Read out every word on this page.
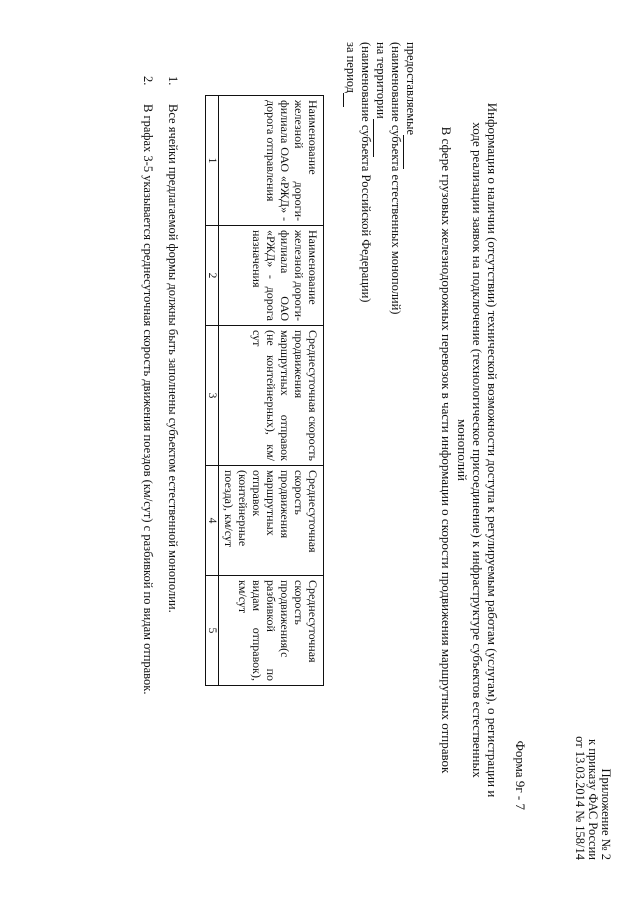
Приложение № 2
к приказу ФАС России
от 13.03.2014 № 158/14
Форма 9г - 7
Информация о наличии (отсутствии) технической возможности доступа к регулируемым работам (услугам), о регистрации и ходе реализации заявок на подключение (технологическое присоединение) к инфраструктуре субъектов естественных монополий
В сфере грузовых железнодорожных перевозок в части информации о скорости продвижения маршрутных отправок
предоставляемые
(наименование субъекта естественных монополий)
на территории
(наименование субъекта Российской Федерации)
за период
Наименование железной дороги-филиала ОАО «РЖД» - дорога отправления	Наименование железной дороги- филиала ОАО «РЖД» - дорога назначения	Среднесуточная скорость продвижения маршрутных отправок (не контейнерных), км/сут	Среднесуточная скорость продвижения маршрутных отправок (контейнерные поезда), км/сут	Среднесуточная скорость продвижения(с разбивкой по видам отправок), км/сут
1	2	3	4	5
1.
Все ячейки предлагаемой формы должны быть заполнены субъектом естественной монополии.
2.
В графах 3-5 указывается среднесуточная скорость движения поездов (км/сут) с разбивкой по видам отправок.
